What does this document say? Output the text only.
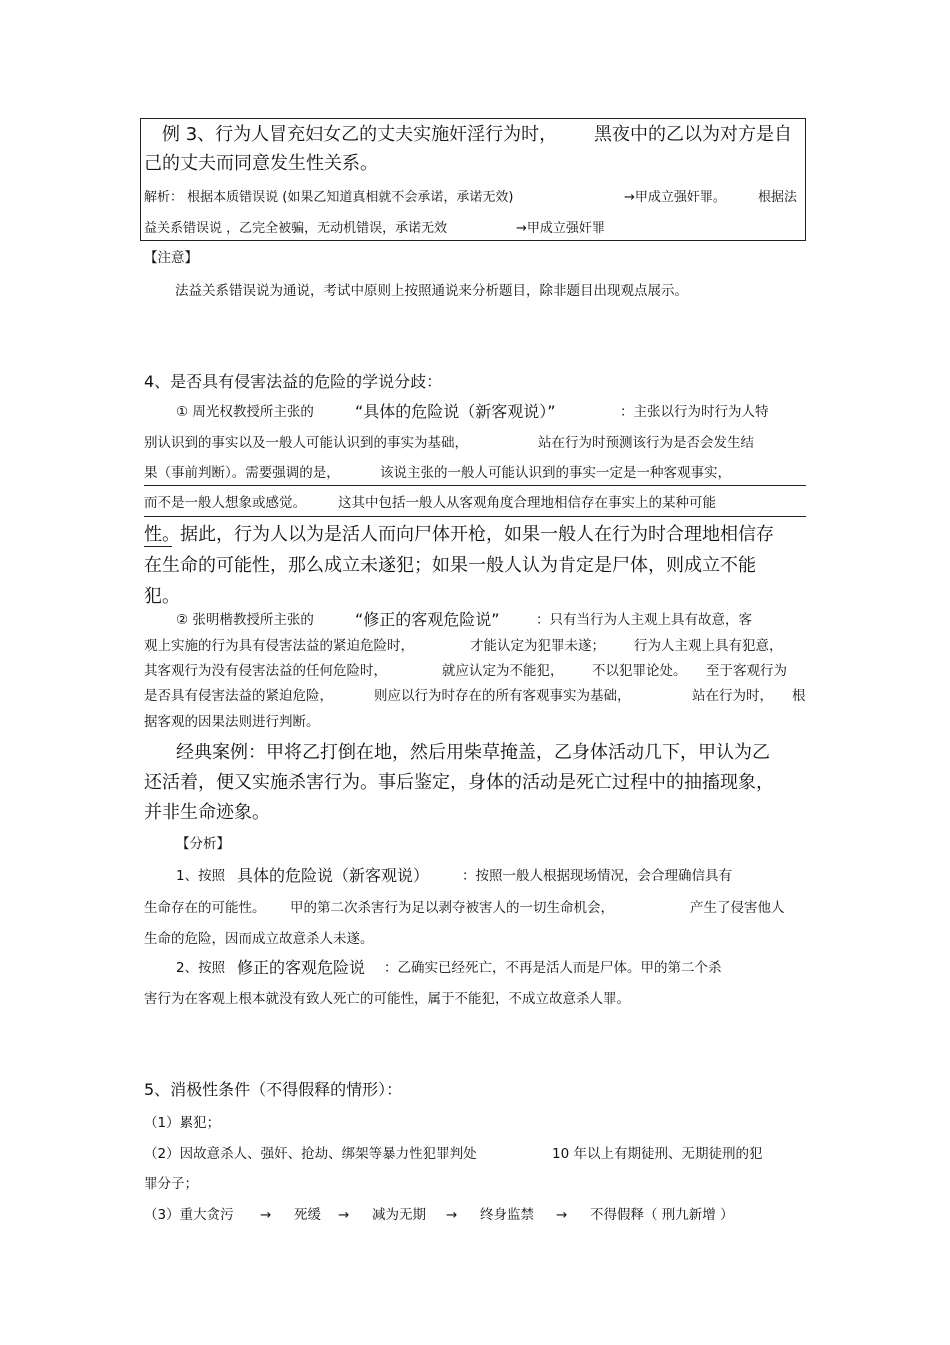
例 3、行为人冒充妇女乙的丈夫实施奸淫行为时， 黑夜中的乙以为对方是自
己的丈夫而同意发生性关系。
解析： 根据本质错误说 (如果乙知道真相就不会承诺，承诺无效)	→甲成立强奸罪。 根据法
益关系错误说 ，乙完全被骗，无动机错误，承诺无效	→甲成立强奸罪
【注意】
法益关系错误说为通说，考试中原则上按照通说来分析题目，除非题目出现观点展示。
4、是否具有侵害法益的危险的学说分歧：
① 周光权教授所主张的	“具体的危险说（新客观说）”	：主张以行为时行为人特
别认识到的事实以及一般人可能认识到的事实为基础，	站在行为时预测该行为是否会发生结
果（事前判断）。需要强调的是，	该说主张的一般人可能认识到的事实一定是一种客观事实，
而不是一般人想象或感觉。 这其中包括一般人从客观角度合理地相信存在事实上的某种可能
性。据此，行为人以为是活人而向尸体开枪，如果一般人在行为时合理地相信存
在生命的可能性，那么成立未遂犯；如果一般人认为肯定是尸体，则成立不能
犯。
② 张明楷教授所主张的	“修正的客观危险说”	：只有当行为人主观上具有故意，客
观上实施的行为具有侵害法益的紧迫危险时，	才能认定为犯罪未遂； 行为人主观上具有犯意，
其客观行为没有侵害法益的任何危险时，	就应认定为不能犯， 不以犯罪论处。 至于客观行为
是否具有侵害法益的紧迫危险，	则应以行为时存在的所有客观事实为基础，	站在行为时， 根
据客观的因果法则进行判断。
经典案例：甲将乙打倒在地，然后用柴草掩盖，乙身体活动几下，甲认为乙
还活着，便又实施杀害行为。事后鉴定，身体的活动是死亡过程中的抽搐现象，
并非生命迹象。
【分析】
1、按照 具体的危险说（新客观说） ：按照一般人根据现场情况，会合理确信具有
生命存在的可能性。 甲的第二次杀害行为足以剥夺被害人的一切生命机会，	产生了侵害他人
生命的危险，因而成立故意杀人未遂。
2、按照 修正的客观危险说 ：乙确实已经死亡，不再是活人而是尸体。甲的第二个杀
害行为在客观上根本就没有致人死亡的可能性，属于不能犯，不成立故意杀人罪。
5、消极性条件（不得假释的情形）：
（1）累犯；
（2）因故意杀人、强奸、抢劫、绑架等暴力性犯罪判处	10 年以上有期徒刑、无期徒刑的犯
罪分子；
（3）重大贪污 → 死缓 → 减为无期 → 终身监禁 → 不得假释（ 刑九新增 ）
